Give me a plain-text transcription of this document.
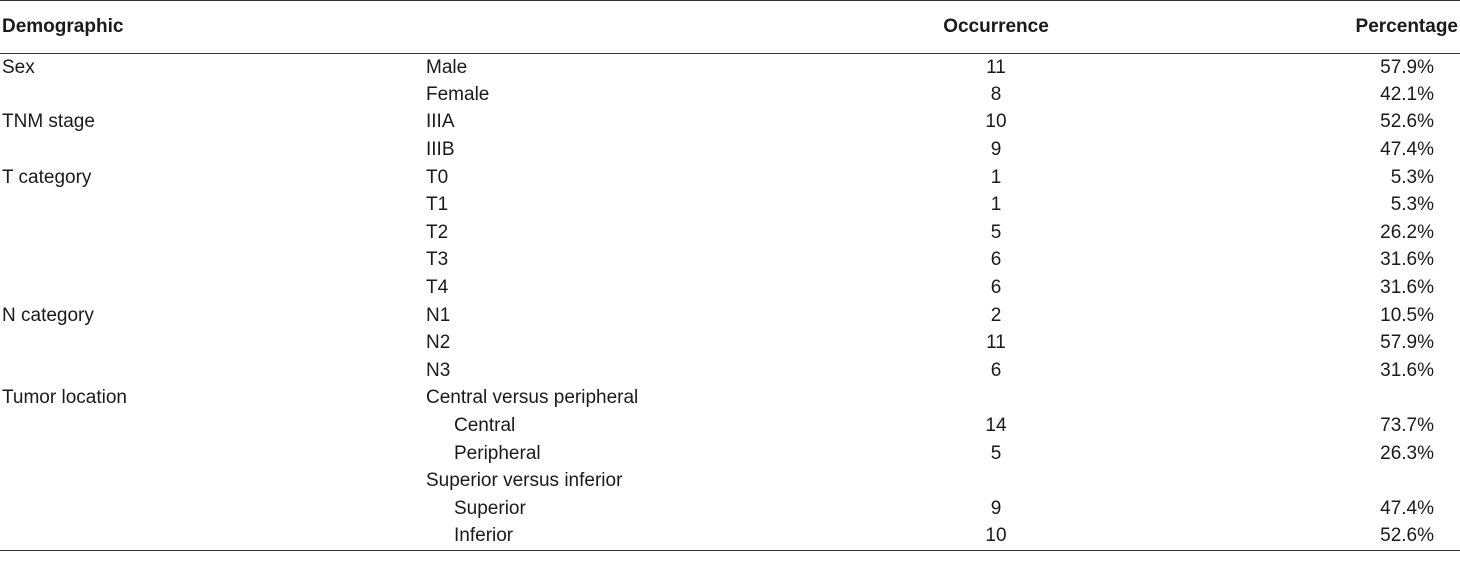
Demographic		Occurrence	Percentage
Sex	Male	11	57.9%
	Female	8	42.1%
TNM stage	IIIA	10	52.6%
	IIIB	9	47.4%
T category	T0	1	5.3%
	T1	1	5.3%
	T2	5	26.2%
	T3	6	31.6%
	T4	6	31.6%
N category	N1	2	10.5%
	N2	11	57.9%
	N3	6	31.6%
Tumor location	Central versus peripheral		
	Central	14	73.7%
	Peripheral	5	26.3%
	Superior versus inferior		
	Superior	9	47.4%
	Inferior	10	52.6%
